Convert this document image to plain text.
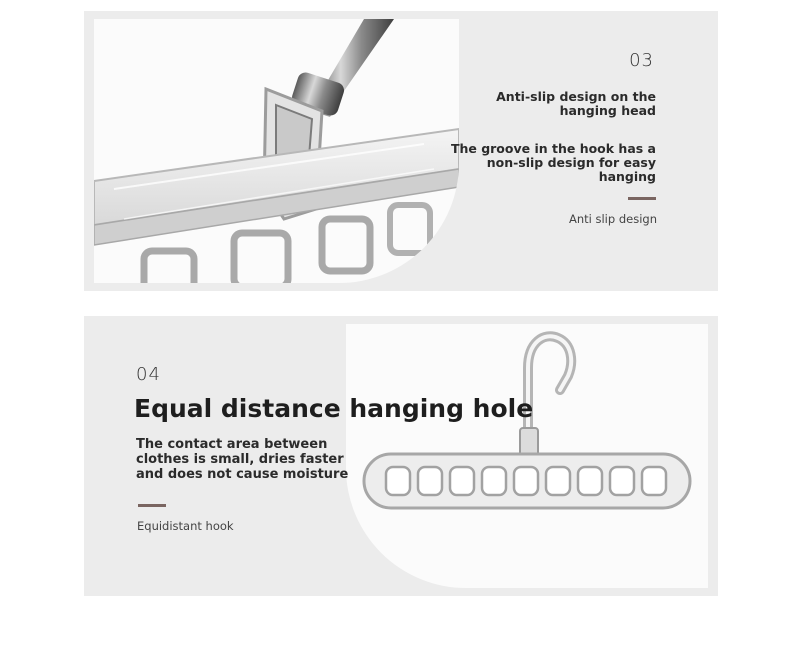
03
Anti-slip design on the hanging head
The groove in the hook has a non-slip design for easy hanging
Anti slip design
04
Equal distance hanging hole
The contact area between clothes is small, dries faster and does not cause moisture
Equidistant hook
